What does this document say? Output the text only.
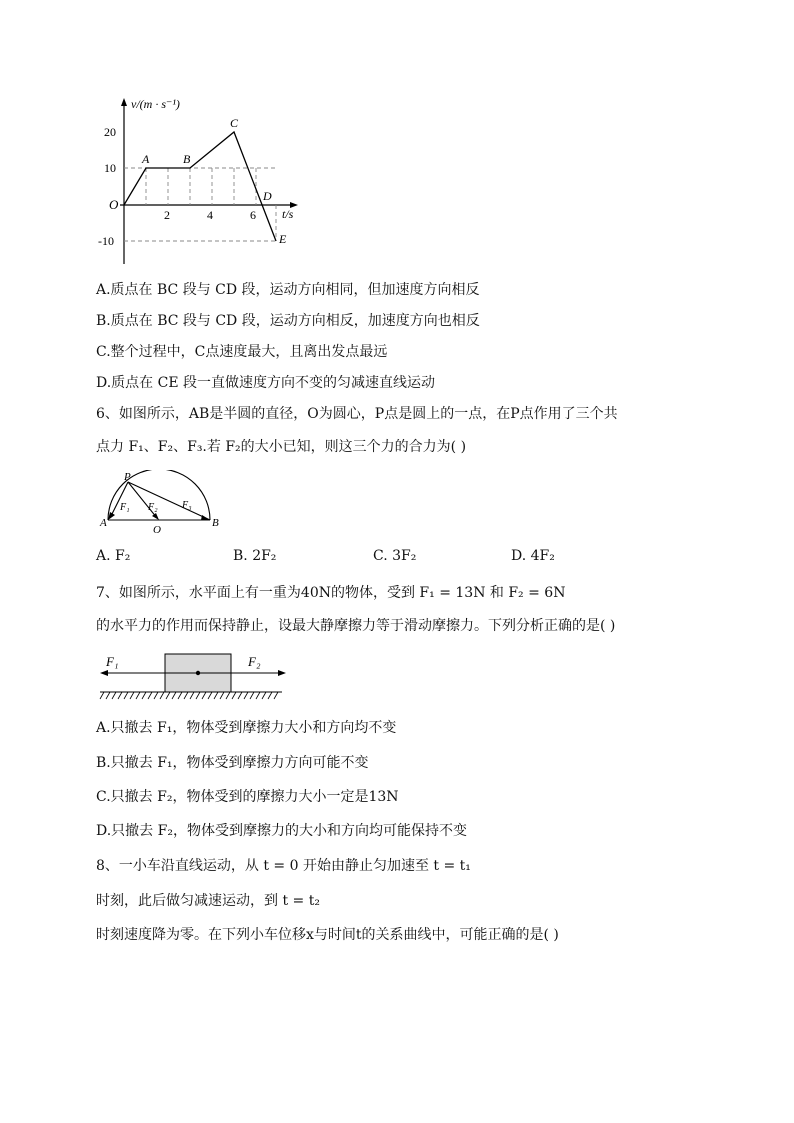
v/(m · s⁻¹)
t/s
O
20
10
-10
2	4	6
A	B
C
D
E
A.质点在 BC 段与 CD 段，运动方向相同，但加速度方向相反
B.质点在 BC 段与 CD 段，运动方向相反，加速度方向也相反
C.整个过程中，C点速度最大，且离出发点最远
D.质点在 CE 段一直做速度方向不变的匀减速直线运动
6、如图所示，AB是半圆的直径，O为圆心，P点是圆上的一点，在P点作用了三个共
点力 F₁、F₂、F₃.若 F₂的大小已知，则这三个力的合力为( )
P
A	B
O
F₁ F₂ F₃
A. F₂	B. 2F₂	C. 3F₂	D. 4F₂
7、如图所示，水平面上有一重为40N的物体，受到 F₁ = 13N 和 F₂ = 6N
的水平力的作用而保持静止，设最大静摩擦力等于滑动摩擦力。下列分析正确的是( )
F₁	F₂
A.只撤去 F₁，物体受到摩擦力大小和方向均不变
B.只撤去 F₁，物体受到摩擦力方向可能不变
C.只撤去 F₂，物体受到的摩擦力大小一定是13N
D.只撤去 F₂，物体受到摩擦力的大小和方向均可能保持不变
8、一小车沿直线运动，从 t = 0 开始由静止匀加速至 t = t₁
时刻，此后做匀减速运动，到 t = t₂
时刻速度降为零。在下列小车位移x与时间t的关系曲线中，可能正确的是( )
